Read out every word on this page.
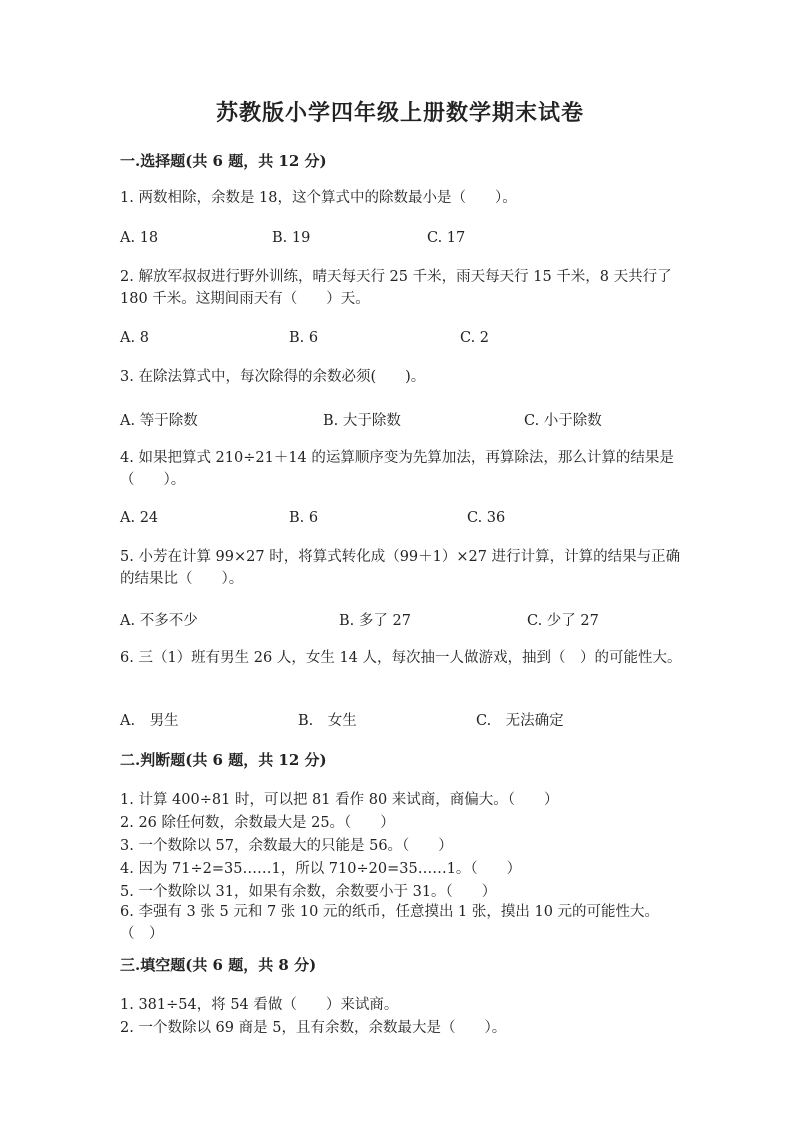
苏教版小学四年级上册数学期末试卷
一.选择题(共 6 题，共 12 分)
1. 两数相除，余数是 18，这个算式中的除数最小是（　　）。
A. 18	B. 19	C. 17
2. 解放军叔叔进行野外训练，晴天每天行 25 千米，雨天每天行 15 千米，8 天共行了 180 千米。这期间雨天有（　　）天。
A. 8	B. 6	C. 2
3. 在除法算式中，每次除得的余数必须(　　)。
A. 等于除数	B. 大于除数	C. 小于除数
4. 如果把算式 210÷21＋14 的运算顺序变为先算加法，再算除法，那么计算的结果是（　　）。
A. 24	B. 6	C. 36
5. 小芳在计算 99×27 时，将算式转化成（99＋1）×27 进行计算，计算的结果与正确的结果比（　　）。
A. 不多不少	B. 多了 27	C. 少了 27
6. 三（1）班有男生 26 人，女生 14 人，每次抽一人做游戏，抽到（　）的可能性大。
A.　男生	B.　女生	C.　无法确定
二.判断题(共 6 题，共 12 分)
1. 计算 400÷81 时，可以把 81 看作 80 来试商，商偏大。（　　）
2. 26 除任何数，余数最大是 25。（　　）
3. 一个数除以 57，余数最大的只能是 56。（　　）
4. 因为 71÷2=35……1，所以 710÷20=35……1。（　　）
5. 一个数除以 31，如果有余数，余数要小于 31。（　　）
6. 李强有 3 张 5 元和 7 张 10 元的纸币，任意摸出 1 张，摸出 10 元的可能性大。　　（　）
三.填空题(共 6 题，共 8 分)
1. 381÷54，将 54 看做（　　）来试商。
2. 一个数除以 69 商是 5，且有余数，余数最大是（　　）。
